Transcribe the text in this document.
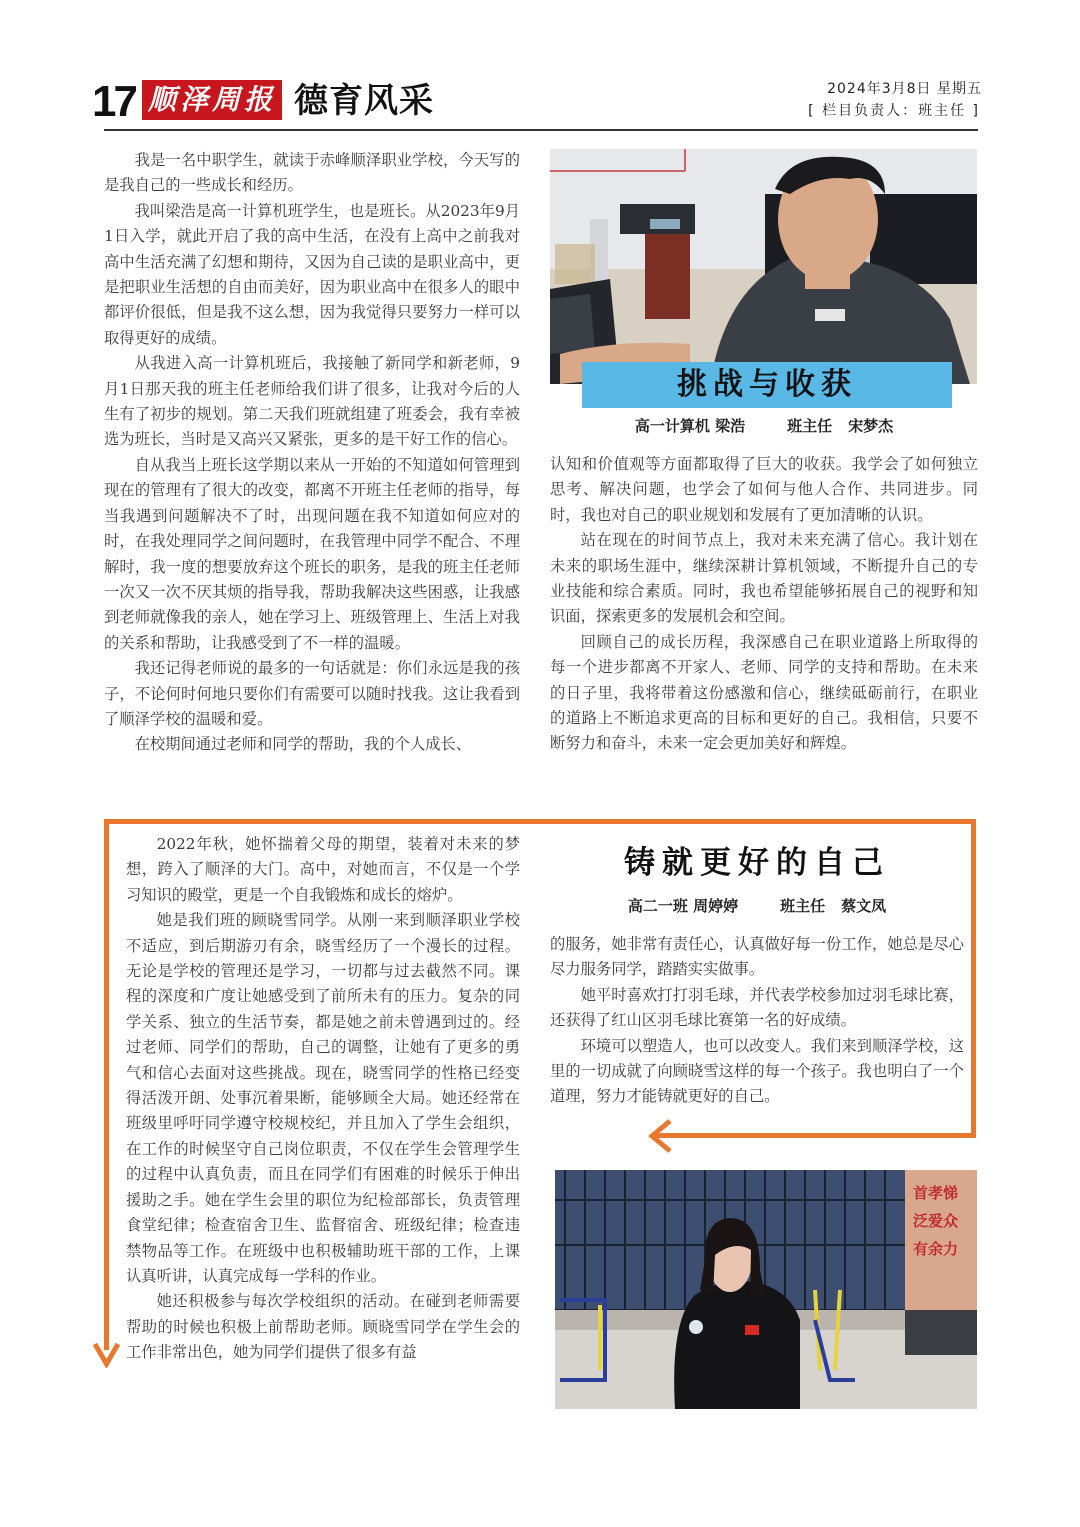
17 顺泽周报 德育风采	2024年3月8日 星期五
[ 栏目负责人：班主任 ]

我是一名中职学生，就读于赤峰顺泽职业学校，今天写的是我自己的一些成长和经历。

我叫梁浩是高一计算机班学生，也是班长。从2023年9月1日入学，就此开启了我的高中生活，在没有上高中之前我对高中生活充满了幻想和期待，又因为自己读的是职业高中，更是把职业生活想的自由而美好，因为职业高中在很多人的眼中都评价很低，但是我不这么想，因为我觉得只要努力一样可以取得更好的成绩。

从我进入高一计算机班后，我接触了新同学和新老师，9月1日那天我的班主任老师给我们讲了很多，让我对今后的人生有了初步的规划。第二天我们班就组建了班委会，我有幸被选为班长，当时是又高兴又紧张，更多的是干好工作的信心。

自从我当上班长这学期以来从一开始的不知道如何管理到现在的管理有了很大的改变，都离不开班主任老师的指导，每当我遇到问题解决不了时，出现问题在我不知道如何应对的时，在我处理同学之间问题时，在我管理中同学不配合、不理解时，我一度的想要放弃这个班长的职务，是我的班主任老师一次又一次不厌其烦的指导我，帮助我解决这些困惑，让我感到老师就像我的亲人，她在学习上、班级管理上、生活上对我的关系和帮助，让我感受到了不一样的温暖。

我还记得老师说的最多的一句话就是：你们永远是我的孩子，不论何时何地只要你们有需要可以随时找我。这让我看到了顺泽学校的温暖和爱。

在校期间通过老师和同学的帮助，我的个人成长、

挑战与收获
高一计算机 梁浩	班主任 宋梦杰

认知和价值观等方面都取得了巨大的收获。我学会了如何独立思考、解决问题，也学会了如何与他人合作、共同进步。同时，我也对自己的职业规划和发展有了更加清晰的认识。

站在现在的时间节点上，我对未来充满了信心。我计划在未来的职场生涯中，继续深耕计算机领域，不断提升自己的专业技能和综合素质。同时，我也希望能够拓展自己的视野和知识面，探索更多的发展机会和空间。

回顾自己的成长历程，我深感自己在职业道路上所取得的每一个进步都离不开家人、老师、同学的支持和帮助。在未来的日子里，我将带着这份感激和信心，继续砥砺前行，在职业的道路上不断追求更高的目标和更好的自己。我相信，只要不断努力和奋斗，未来一定会更加美好和辉煌。

2022年秋，她怀揣着父母的期望，装着对未来的梦想，跨入了顺泽的大门。高中，对她而言，不仅是一个学习知识的殿堂，更是一个自我锻炼和成长的熔炉。

她是我们班的顾晓雪同学。从刚一来到顺泽职业学校不适应，到后期游刃有余，晓雪经历了一个漫长的过程。无论是学校的管理还是学习，一切都与过去截然不同。课程的深度和广度让她感受到了前所未有的压力。复杂的同学关系、独立的生活节奏，都是她之前未曾遇到过的。经过老师、同学们的帮助，自己的调整，让她有了更多的勇气和信心去面对这些挑战。现在，晓雪同学的性格已经变得活泼开朗、处事沉着果断，能够顾全大局。她还经常在班级里呼吁同学遵守校规校纪，并且加入了学生会组织，在工作的时候坚守自己岗位职责，不仅在学生会管理学生的过程中认真负责，而且在同学们有困难的时候乐于伸出援助之手。她在学生会里的职位为纪检部部长，负责管理食堂纪律；检查宿舍卫生、监督宿舍、班级纪律；检查违禁物品等工作。在班级中也积极辅助班干部的工作，上课认真听讲，认真完成每一学科的作业。

她还积极参与每次学校组织的活动。在碰到老师需要帮助的时候也积极上前帮助老师。顾晓雪同学在学生会的工作非常出色，她为同学们提供了很多有益

铸就更好的自己
高二一班 周婷婷	班主任 蔡文凤

的服务，她非常有责任心，认真做好每一份工作，她总是尽心尽力服务同学，踏踏实实做事。

她平时喜欢打打羽毛球，并代表学校参加过羽毛球比赛，还获得了红山区羽毛球比赛第一名的好成绩。

环境可以塑造人，也可以改变人。我们来到顺泽学校，这里的一切成就了向顾晓雪这样的每一个孩子。我也明白了一个道理，努力才能铸就更好的自己。

首孝悌
泛爱众
有余力
